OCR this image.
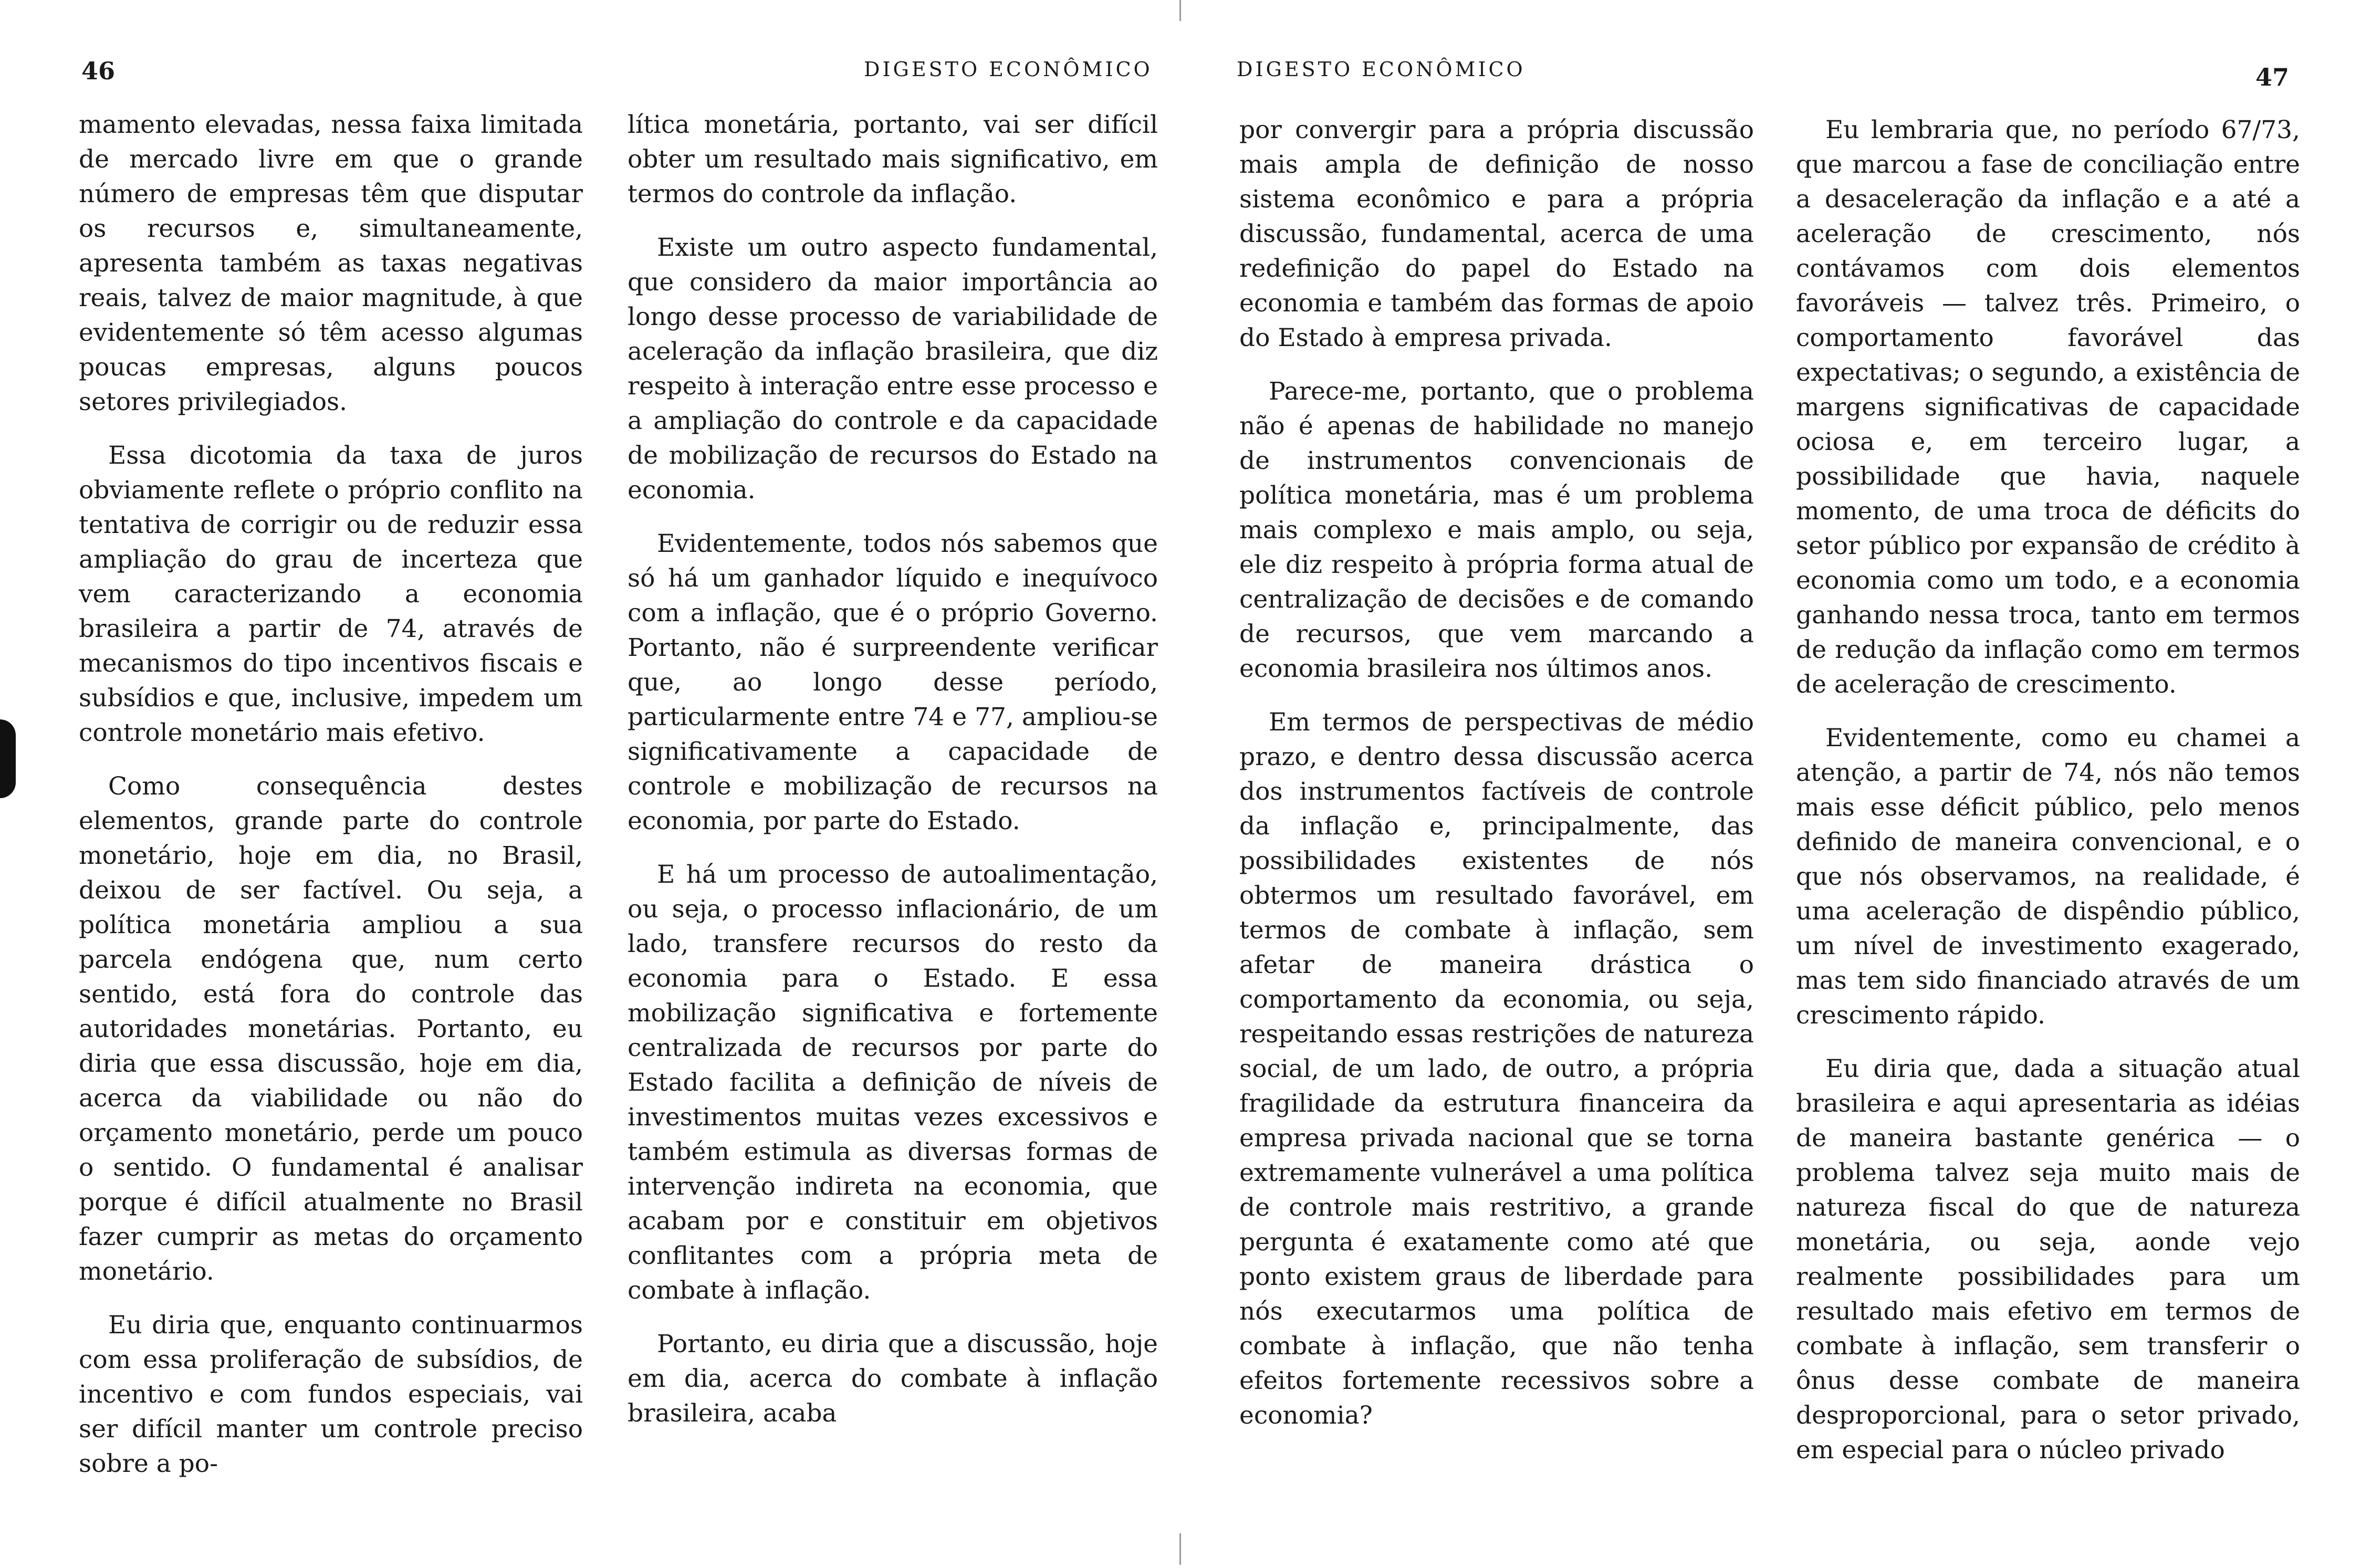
46	DIGESTO ECONÔMICO	DIGESTO ECONÔMICO	47

mamento elevadas, nessa faixa limitada de mercado livre em que o grande número de empresas têm que disputar os recursos e, simultaneamente, apresenta também as taxas negativas reais, talvez de maior magnitude, à que evidentemente só têm acesso algumas poucas empresas, alguns poucos setores privilegiados.

Essa dicotomia da taxa de juros obviamente reflete o próprio conflito na tentativa de corrigir ou de reduzir essa ampliação do grau de incerteza que vem caracterizando a economia brasileira a partir de 74, através de mecanismos do tipo incentivos fiscais e subsídios e que, inclusive, impedem um controle monetário mais efetivo.

Como consequência destes elementos, grande parte do controle monetário, hoje em dia, no Brasil, deixou de ser factível. Ou seja, a política monetária ampliou a sua parcela endógena que, num certo sentido, está fora do controle das autoridades monetárias. Portanto, eu diria que essa discussão, hoje em dia, acerca da viabilidade ou não do orçamento monetário, perde um pouco o sentido. O fundamental é analisar porque é difícil atualmente no Brasil fazer cumprir as metas do orçamento monetário.

Eu diria que, enquanto continuarmos com essa proliferação de subsídios, de incentivo e com fundos especiais, vai ser difícil manter um controle preciso sobre a po-

lítica monetária, portanto, vai ser difícil obter um resultado mais significativo, em termos do controle da inflação.

Existe um outro aspecto fundamental, que considero da maior importância ao longo desse processo de variabilidade de aceleração da inflação brasileira, que diz respeito à interação entre esse processo e a ampliação do controle e da capacidade de mobilização de recursos do Estado na economia.

Evidentemente, todos nós sabemos que só há um ganhador líquido e inequívoco com a inflação, que é o próprio Governo. Portanto, não é surpreendente verificar que, ao longo desse período, particularmente entre 74 e 77, ampliou-se significativamente a capacidade de controle e mobilização de recursos na economia, por parte do Estado.

E há um processo de autoalimentação, ou seja, o processo inflacionário, de um lado, transfere recursos do resto da economia para o Estado. E essa mobilização significativa e fortemente centralizada de recursos por parte do Estado facilita a definição de níveis de investimentos muitas vezes excessivos e também estimula as diversas formas de intervenção indireta na economia, que acabam por e constituir em objetivos conflitantes com a própria meta de combate à inflação.

Portanto, eu diria que a discussão, hoje em dia, acerca do combate à inflação brasileira, acaba

por convergir para a própria discussão mais ampla de definição de nosso sistema econômico e para a própria discussão, fundamental, acerca de uma redefinição do papel do Estado na economia e também das formas de apoio do Estado à empresa privada.

Parece-me, portanto, que o problema não é apenas de habilidade no manejo de instrumentos convencionais de política monetária, mas é um problema mais complexo e mais amplo, ou seja, ele diz respeito à própria forma atual de centralização de decisões e de comando de recursos, que vem marcando a economia brasileira nos últimos anos.

Em termos de perspectivas de médio prazo, e dentro dessa discussão acerca dos instrumentos factíveis de controle da inflação e, principalmente, das possibilidades existentes de nós obtermos um resultado favorável, em termos de combate à inflação, sem afetar de maneira drástica o comportamento da economia, ou seja, respeitando essas restrições de natureza social, de um lado, de outro, a própria fragilidade da estrutura financeira da empresa privada nacional que se torna extremamente vulnerável a uma política de controle mais restritivo, a grande pergunta é exatamente como até que ponto existem graus de liberdade para nós executarmos uma política de combate à inflação, que não tenha efeitos fortemente recessivos sobre a economia?

Eu lembraria que, no período 67/73, que marcou a fase de conciliação entre a desaceleração da inflação e a até a aceleração de crescimento, nós contávamos com dois elementos favoráveis — talvez três. Primeiro, o comportamento favorável das expectativas; o segundo, a existência de margens significativas de capacidade ociosa e, em terceiro lugar, a possibilidade que havia, naquele momento, de uma troca de déficits do setor público por expansão de crédito à economia como um todo, e a economia ganhando nessa troca, tanto em termos de redução da inflação como em termos de aceleração de crescimento.

Evidentemente, como eu chamei a atenção, a partir de 74, nós não temos mais esse déficit público, pelo menos definido de maneira convencional, e o que nós observamos, na realidade, é uma aceleração de dispêndio público, um nível de investimento exagerado, mas tem sido financiado através de um crescimento rápido.

Eu diria que, dada a situação atual brasileira e aqui apresentaria as idéias de maneira bastante genérica — o problema talvez seja muito mais de natureza fiscal do que de natureza monetária, ou seja, aonde vejo realmente possibilidades para um resultado mais efetivo em termos de combate à inflação, sem transferir o ônus desse combate de maneira desproporcional, para o setor privado, em especial para o núcleo privado
